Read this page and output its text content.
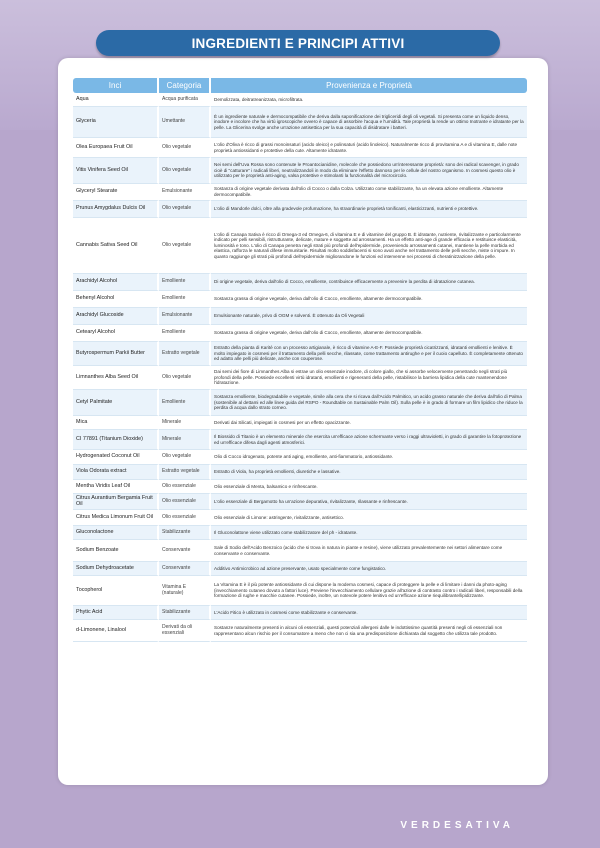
INGREDIENTI E PRINCIPI ATTIVI
Inci	Categoria	Provenienza e Proprietà
Aqua	Acqua purificata	Demolizzata, deitratreanizzata, microfiltrata.
Glyceria	Umettante	È un ingrediente naturale e dermocompatibile che deriva dalla saponificazione dei trigliceridi degli oli vegetali. Si presenta come un liquido denso, inodore e incolore che ha virtù igroscopiche ovvero è capace di assorbire l'acqua e l'umidità. Tale proprietà la rende un ottimo Inotrante e idratante per la pelle. La Glicerina svolge anche un'azione antisettica per la sua capacità di disidratare i batteri.
Olea Europaea Fruit Oil	Olio vegetale	L'olio d'Oliva è ricco di grassi monoinsaturi (acido oleico) e polinsaturi (acido linoleico). Naturalmente ricco di provitamina A e di vitamina E, dalle note proprietà antiossidanti e protettive della cute. Altamente idratante.
Vitis Vinifera Seed Oil	Olio vegetale	Nei semi dell'Uva Rossa sono contenute le Proantocianidine, molecole che possiedono un'interessante proprietà: sono dei radical scavenger, in grado cioè di "catturare" i radicali liberi, neutralizzandoli in modo da eliminare l'effetto dannoso per le cellule del nostro organismo. In cosmesi questo olio è utilizzato per le proprietà anti-aging, valsa protettive e stimolanti la funzionalità del microcircolo.
Glyceryl Stearate	Emulsionante	Sostanza di origine vegetale derivata dall'olio di Cocco o dalla Colza. Utilizzato come stabilizzante, ha un elevata azione emolliente. Altamente dermocompatibile.
Prunus Amygdalus Dulcis Oil	Olio vegetale	L'olio di Mandorle dolci, oltre alla gradevole profumazione, ha straordinarie proprietà tonificanti, elasticizzanti, nutrienti e protettive.
Cannabis Sativa Seed Oil	Olio vegetale	L'olio di Canapa Sativa è ricco di Omega-3 ed Omega-6, di vitamina E e di vitamine del gruppo B. È idratante, nutriente, rivitalizzante e particolarmente indicato per pelli sensibili, ristrutturante, delicate, mature e soggette ad arrossamenti. Ha un effetto anti-age di grande efficacia e restituisce elasticità, luminosità e tono. L'olio di Canapa penetra negli strati più profondi dell'epidermide, proveniendo arrossamenti cutanei, mantiene la pelle morbida ed elastica, rafforza le naturali difese immunitarie. Risultati molto soddisfacenti si sono avuti anche nel trattamento delle pelli secche, miste o impure. In quanto raggiunge gli strati più profondi dell'epidermide migliorandone le funzioni ed intervenne nei processi di cheratinizzazione della pelle.
Arachidyl Alcohol	Emolliente	Di origine vegetale, deriva dall'olio di Cocco, emolliente, contribuisce efficacemente a prevenire la perdita di idratazione cutanea.
Behenyl Alcohol	Emolliente	Sostanza grassa di origine vegetale, deriva dall'olio di Cocco, emolliente, altamente dermocompatibile.
Arachidyl Glucoside	Emulsionante	Emulsionante naturale, privo di OGM e solventi. È ottenuto da Oli Vegetali
Cetearyl Alcohol	Emolliente	Sostanza grassa di origine vegetale, deriva dall'olio di Cocco, emolliente, altamente dermocompatibile.
Butyrospermum Parkii Butter	Estratto vegetale	Estratto della pianta di Karité con un processo artigianale, è ricco di vitamine A-E-F. Possiede proprietà cicatrizzanti, idratanti emollienti e lenitive. È molto impiegato in cosmesi per il trattamento della pelli secche, rilassate, come trattamento antirughe e per il cuoio capelluto. È completamente ottenuto ed adatto alle pelli più delicate, anche con couperose.
Limnanthes Alba Seed Oil	Olio vegetale	Dai semi dei fiore di Limnanthes Alba si estrae un olio essenzale inodore, di colore giallo, che si assorbe velocemente penetrando negli strati più profondi della pelle. Possiede eccellenti virtù idratanti, emollienti e rigeneranti della pelle, ristabilisce la barriera lipidica della cute mantenendone l'idratazione.
Cetyl Palmitate	Emolliente	Sostanza emolliente, biodegradabile e vegetale, simile alla cera che si ricava dall'Acido Palmitico, un acido grasso naturale che deriva dall'olio di Palma (sostenibile al dettami ed alle linee guida del RSPO - Roundtable on Sustainable Palm Oil). Sulla pelle è in grado di formare un film lipidico che riduce la perdita di acqua dallo strato corneo.
Mica	Minerale	Derivati dai Silicati, impiegati in cosmesi per un effetto opacizzante.
CI 77891 (Titanium Dioxide)	Minerale	Il Biossido di Titanio è un elemento minerale che esercita un'efficace azione schermante verso i raggi ultravioletti, in grado di garantire la fotoprotezione ed un'efficace difesa dagli agenti atmosferici.
Hydrogenated Coconut Oil	Olio vegetale	Olio di Cocco idrogenato, potente anti aging, emolliente, anti-fiammatorio, antiossidante.
Viola Odorata extract	Estratto vegetale	Estratto di Viola, ha proprietà emollienti, diuretiche e lassative.
Mentha Viridis Leaf Oil	Olio essenziale	Olio essenziale di Menta, balsamico e rinfrescante.
Citrus Aurantium Bergamia Fruit Oil	Olio essenziale	L'olio essenziale di Bergamotto ha un'azione depurativa, rivitalizzante, rilassante e rinfrescante.
Citrus Medica Limonum Fruit Oil	Olio essenziale	Olio essenziale di Limone: astringente, rivitalizzante, antisettico.
Gluconolactone	Stabilizzante	Il Gluconolattone viene utilizzato come stabilizzatore del ph - idratante.
Sodium Benzoate	Conservante	Sale di Sodio dell'Acido Benzoico (acido che si trova in natura in piante e resine), viene utilizzato prevalentemente nei settori alimentare come conservante e conservante.
Sodium Dehydroacetate	Conservante	Additivo Antimicrobico ad azione preservante, usato specialmente come fungistatico.
Tocopherol	Vitamina E (naturale)	La Vitamina E è il più potente antiossidante di cui dispone la moderna cosmesi, capace di proteggere la pelle e di limitare i danni da photo-aging (invecchiamento cutaneo dovuto a fattori luce). Previene l'invecchiamento cellulare grazie all'azione di contrasto contro i radicali liberi, responsabili della formazione di rughe e macchie cutanee. Possiede, inoltre, un notevole potere lenitivo ed un'efficace azione riequilibrante/lipidizzante.
Phytic Acid	Stabilizzante	L'Acido Fitico è utilizzato in cosmesi come stabilizzante e conservante.
d-Limonene, Linalool	Derivati da oli essenziali	Sostanze naturalmente presenti in alcuni oli essenziali, questi potenziali allergeni dalle le indottissime quantità presenti negli oli essenziali non rappresentano alcun rischio per il consumatore a meno che non ci sia una predisposizione dichiarata dal soggetto che utilizza tale prodotto.
VERDESATIVA
